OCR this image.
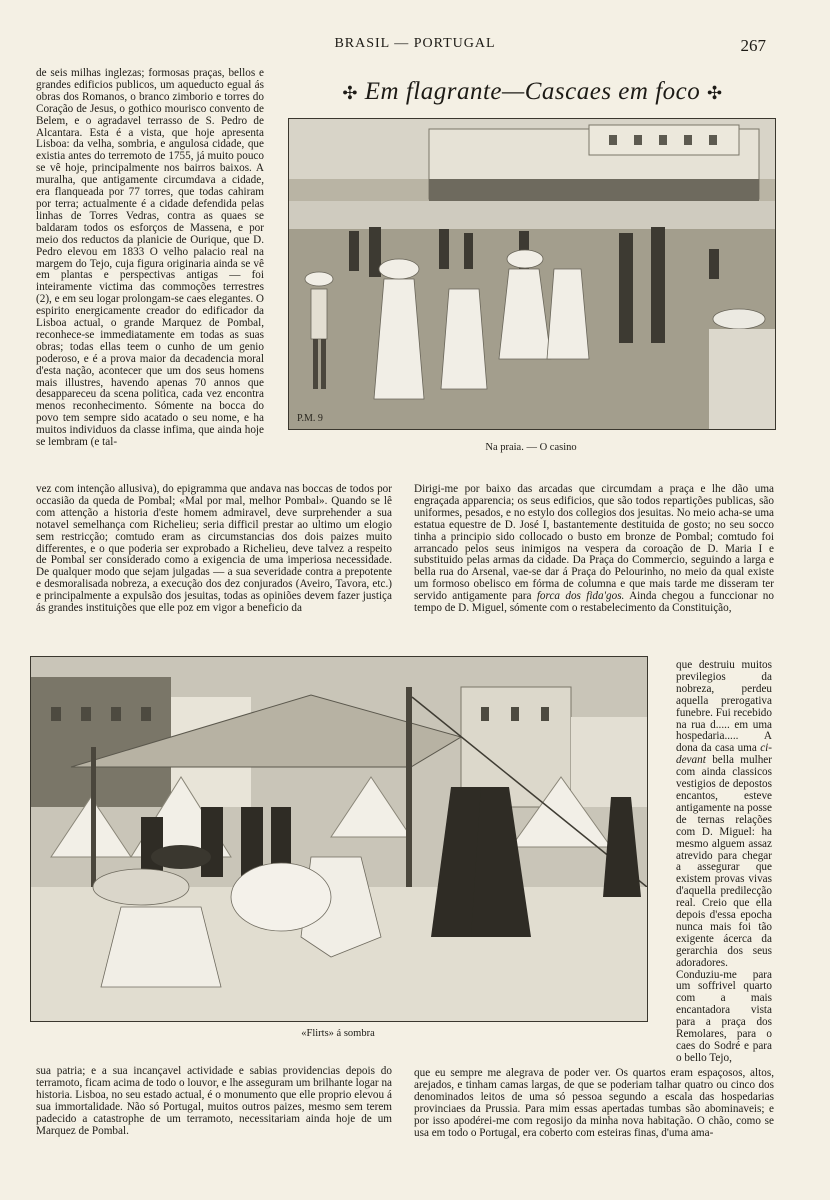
BRASIL — PORTUGAL	267
✣ Em flagrante—Cascaes em foco ✣

de seis milhas inglezas; formosas praças, bellos e grandes edificios publicos, um aqueducto egual ás obras dos Romanos, o branco zimborio e torres do Coração de Jesus, o gothico mourisco convento de Belem, e o agradavel terrasso de S. Pedro de Alcantara. Esta é a vista, que hoje apresenta Lisboa: da velha, sombria, e angulosa cidade, que existia antes do terremoto de 1755, já muito pouco se vê hoje, principalmente nos bairros baixos. A muralha, que antigamente circumdava a cidade, era flanqueada por 77 torres, que todas cahiram por terra; actualmente é a cidade defendida pelas linhas de Torres Vedras, contra as quaes se baldaram todos os esforços de Massena, e por meio dos reductos da planicie de Ourique, que D. Pedro elevou em 1833 O velho palacio real na margem do Tejo, cuja figura originaria ainda se vê em plantas e perspectivas antigas — foi inteiramente victima das commoções terrestres (2), e em seu logar prolongam-se caes elegantes. O espirito energicamente creador do edificador da Lisboa actual, o grande Marquez de Pombal, reconhece-se immediatamente em todas as suas obras; todas ellas teem o cunho de um genio poderoso, e é a prova maior da decadencia moral d'esta nação, acontecer que um dos seus homens mais illustres, havendo apenas 70 annos que desappareceu da scena politica, cada vez encontra menos reconhecimento. Sómente na bocca do povo tem sempre sido acatado o seu nome, e ha muitos individuos da classe infima, que ainda hoje se lembram (e tal-

P.M. 9
Na praia. — O casino

vez com intenção allusiva), do epigramma que andava nas boccas de todos por occasião da queda de Pombal; «Mal por mal, melhor Pombal». Quando se lê com attenção a historia d'este homem admiravel, deve surprehender a sua notavel semelhança com Richelieu; seria difficil prestar ao ultimo um elogio sem restricção; comtudo eram as circumstancias dos dois paizes muito differentes, e o que poderia ser exprobado a Richelieu, deve talvez a respeito de Pombal ser considerado como a exigencia de uma imperiosa necessidade. De qualquer modo que sejam julgadas — a sua severidade contra a prepotente e desmoralisada nobreza, a execução dos dez conjurados (Aveiro, Tavora, etc.) e principalmente a expulsão dos jesuitas, todas as opiniões devem fazer justiça ás grandes instituições que elle poz em vigor a beneficio da

Dirigi-me por baixo das arcadas que circumdam a praça e lhe dão uma engraçada apparencia; os seus edificios, que são todos repartições publicas, são uniformes, pesados, e no estylo dos collegios dos jesuitas. No meio acha-se uma estatua equestre de D. José I, bastantemente destituida de gosto; no seu socco tinha a principio sido collocado o busto em bronze de Pombal; comtudo foi arrancado pelos seus inimigos na vespera da coroação de D. Maria I e substituido pelas armas da cidade. Da Praça do Commercio, seguindo a larga e bella rua do Arsenal, vae-se dar á Praça do Pelourinho, no meio da qual existe um formoso obelisco em fórma de columna e que mais tarde me disseram ter servido antigamente para forca dos fida'gos. Ainda chegou a funccionar no tempo de D. Miguel, sómente com o restabelecimento da Constituição,

«Flirts» á sombra

que destruiu muitos previlegios da nobreza, perdeu aquella prerogativa funebre. Fui recebido na rua d..... em uma hospedaria..... A dona da casa uma ci-devant bella mulher com ainda classicos vestigios de depostos encantos, esteve antigamente na posse de ternas relações com D. Miguel: ha mesmo alguem assaz atrevido para chegar a assegurar que existem provas vivas d'aquella predilecção real. Creio que ella depois d'essa epocha nunca mais foi tão exigente ácerca da gerarchia dos seus adoradores. Conduziu-me para um soffrivel quarto com a mais encantadora vista para a praça dos Remolares, para o caes do Sodré e para o bello Tejo,

sua patria; e a sua incançavel actividade e sabias providencias depois do terramoto, ficam acima de todo o louvor, e lhe asseguram um brilhante logar na historia. Lisboa, no seu estado actual, é o monumento que elle proprio elevou á sua immortalidade. Não só Portugal, muitos outros paizes, mesmo sem terem padecido a catastrophe de um terramoto, necessitariam ainda hoje de um Marquez de Pombal.

que eu sempre me alegrava de poder ver. Os quartos eram espaçosos, altos, arejados, e tinham camas largas, de que se poderiam talhar quatro ou cinco dos denominados leitos de uma só pessoa segundo a escala das hospedarias provinciaes da Prussia. Para mim essas apertadas tumbas são abominaveis; e por isso apodérei-me com regosijo da minha nova habitação. O chão, como se usa em todo o Portugal, era coberto com esteiras finas, d'uma ama-
